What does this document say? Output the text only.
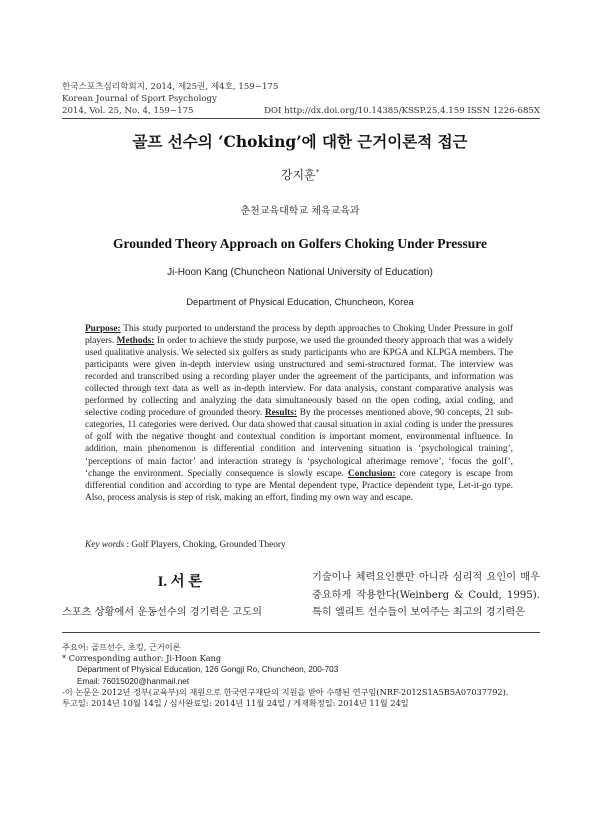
한국스포츠심리학회지, 2014, 제25권, 제4호, 159~175
Korean Journal of Sport Psychology
2014, Vol. 25, No. 4, 159~175	DOI http://dx.doi.org/10.14385/KSSP.25.4.159 ISSN 1226-685X
골프 선수의 ‘Choking’에 대한 근거이론적 접근
강지훈*
춘천교육대학교 체육교육과
Grounded Theory Approach on Golfers Choking Under Pressure
Ji-Hoon Kang (Chuncheon National University of Education)
Department of Physical Education, Chuncheon, Korea

Purpose: This study purported to understand the process by depth approaches to Choking Under Pressure in golf players. Methods: In order to achieve the study purpose, we used the grounded theory approach that was a widely used qualitative analysis. We selected six golfers as study participants who are KPGA and KLPGA members. The participants were given in-depth interview using unstructured and semi-structured format. The interview was recorded and transcribed using a recording player under the agreement of the participants, and information was collected through text data as well as in-depth interview. For data analysis, constant comparative analysis was performed by collecting and analyzing the data simultaneously based on the open coding, axial coding, and selective coding procedure of grounded theory. Results: By the processes mentioned above, 90 concepts, 21 sub-categories, 11 categories were derived. Our data showed that causal situation in axial coding is under the pressures of golf with the negative thought and contextual condition is important moment, environmental influence. In addition, main phenomenon is differential condition and intervening situation is ‘psychological training’, ‘perceptions of main factor’ and interaction strategy is ‘psychological afterimage remove’, ‘focus the golf’, ‘change the environment. Specially consequence is slowly escape. Conclusion: core category is escape from differential condition and according to type are Mental dependent type, Practice dependent type, Let-it-go type. Also, process analysis is step of risk, making an effort, finding my own way and escape.

Key words : Golf Players, Choking, Grounded Theory
I. 서 론
스포츠 상황에서 운동선수의 경기력은 고도의

기술이나 체력요인뿐만 아니라 심리적 요인이 매우 중요하게 작용한다(Weinberg & Could, 1995). 특히 엘리트 선수들이 보여주는 최고의 경기력은

주요어: 골프선수, 초킹, 근거이론
* Corresponding author: Ji-Hoon Kang
Department of Physical Education, 126 Gongji Ro, Chuncheon, 200-703
Email: 76015020@hanmail.net
-이 논문은 2012년 정부(교육부)의 재원으로 한국연구재단의 지원을 받아 수행된 연구임(NRF-2012S1A5B5A07037792).
투고일: 2014년 10월 14일 / 심사완료일: 2014년 11월 24일 / 게재확정일: 2014년 11월 24일
